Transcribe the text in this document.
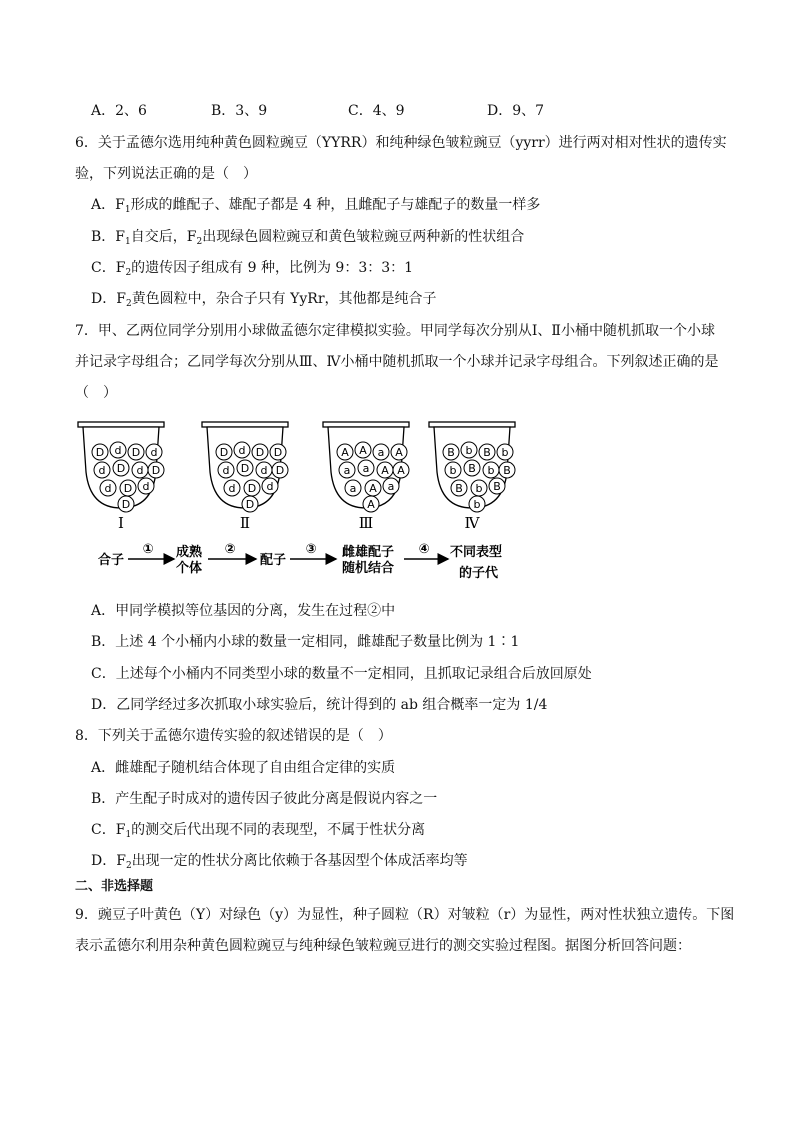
A．2、6	B．3、9	C．4、9	D．9、7
6．关于孟德尔选用纯种黄色圆粒豌豆（YYRR）和纯种绿色皱粒豌豆（yyrr）进行两对相对性状的遗传实
验，下列说法正确的是（　）
A．$F_1$形成的雌配子、雄配子都是 4 种，且雌配子与雄配子的数量一样多
B．$F_1$自交后，$F_2$出现绿色圆粒豌豆和黄色皱粒豌豆两种新的性状组合
C．$F_2$的遗传因子组成有 9 种，比例为 9：3：3：1
D．$F_2$黄色圆粒中，杂合子只有 YyRr，其他都是纯合子
7．甲、乙两位同学分别用小球做孟德尔定律模拟实验。甲同学每次分别从Ⅰ、Ⅱ小桶中随机抓取一个小球
并记录字母组合；乙同学每次分别从Ⅲ、Ⅳ小桶中随机抓取一个小球并记录字母组合。下列叙述正确的是
（　）
D d D d
d D d D
d D d
D
Ⅰ
D d D D
d D d D
d D d
D
Ⅱ
A A a A
a a A A
a A a
A
Ⅲ
B b B b
b B b B
B b B
b
Ⅳ
合子
① 成熟
个体
②
配子
③ 雌雄配子
随机结合
④ 不同表型
的子代
A．甲同学模拟等位基因的分离，发生在过程②中
B．上述 4 个小桶内小球的数量一定相同，雌雄配子数量比例为 1∶1
C．上述每个小桶内不同类型小球的数量不一定相同，且抓取记录组合后放回原处
D．乙同学经过多次抓取小球实验后，统计得到的 ab 组合概率一定为 1/4
8．下列关于孟德尔遗传实验的叙述错误的是（　）
A．雌雄配子随机结合体现了自由组合定律的实质
B．产生配子时成对的遗传因子彼此分离是假说内容之一
C．$F_1$的测交后代出现不同的表现型，不属于性状分离
D．$F_2$出现一定的性状分离比依赖于各基因型个体成活率均等
二、非选择题
9．豌豆子叶黄色（Y）对绿色（y）为显性，种子圆粒（R）对皱粒（r）为显性，两对性状独立遗传。下图
表示孟德尔利用杂种黄色圆粒豌豆与纯种绿色皱粒豌豆进行的测交实验过程图。据图分析回答问题：
